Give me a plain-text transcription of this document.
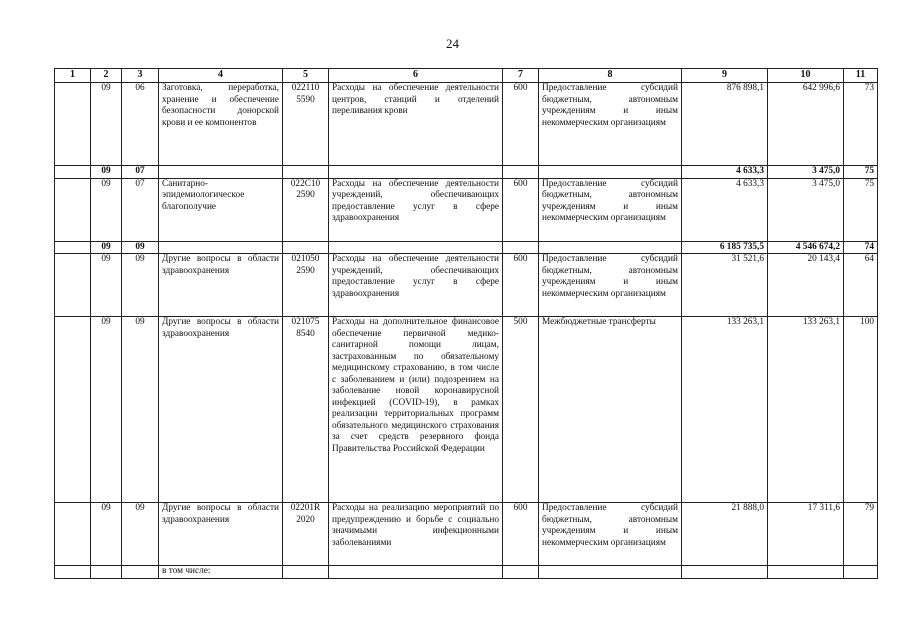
24
1	2	3	4	5	6	7	8	9	10	11
	09	06	Заготовка, переработка, хранение и обеспечение безопасности донорской крови и ее компонентов	022110 5590	Расходы на обеспечение деятельности центров, станций и отделений переливания крови	600	Предоставление субсидий бюджетным, автономным учреждениям и иным некоммерческим организациям	876 898,1	642 996,6	73
	09	07						4 633,3	3 475,0	75
	09	07	Санитарно-эпидемиологическое благополучие	022С10 2590	Расходы на обеспечение деятельности учреждений, обеспечивающих предоставление услуг в сфере здравоохранения	600	Предоставление субсидий бюджетным, автономным учреждениям и иным некоммерческим организациям	4 633,3	3 475,0	75
	09	09						6 185 735,5	4 546 674,2	74
	09	09	Другие вопросы в области здравоохранения	021050 2590	Расходы на обеспечение деятельности учреждений, обеспечивающих предоставление услуг в сфере здравоохранения	600	Предоставление субсидий бюджетным, автономным учреждениям и иным некоммерческим организациям	31 521,6	20 143,4	64
	09	09	Другие вопросы в области здравоохранения	021075 8540	Расходы на дополнительное финансовое обеспечение первичной медико-санитарной помощи лицам, застрахованным по обязательному медицинскому страхованию, в том числе с заболеванием и (или) подозрением на заболевание новой коронавирусной инфекцией (COVID-19), в рамках реализации территориальных программ обязательного медицинского страхования за счет средств резервного фонда Правительства Российской Федерации	500	Межбюджетные трансферты	133 263,1	133 263,1	100
	09	09	Другие вопросы в области здравоохранения	02201R 2020	Расходы на реализацию мероприятий по предупреждению и борьбе с социально значимыми инфекционными заболеваниями	600	Предоставление субсидий бюджетным, автономным учреждениям и иным некоммерческим организациям	21 888,0	17 311,6	79
			в том числе:							
